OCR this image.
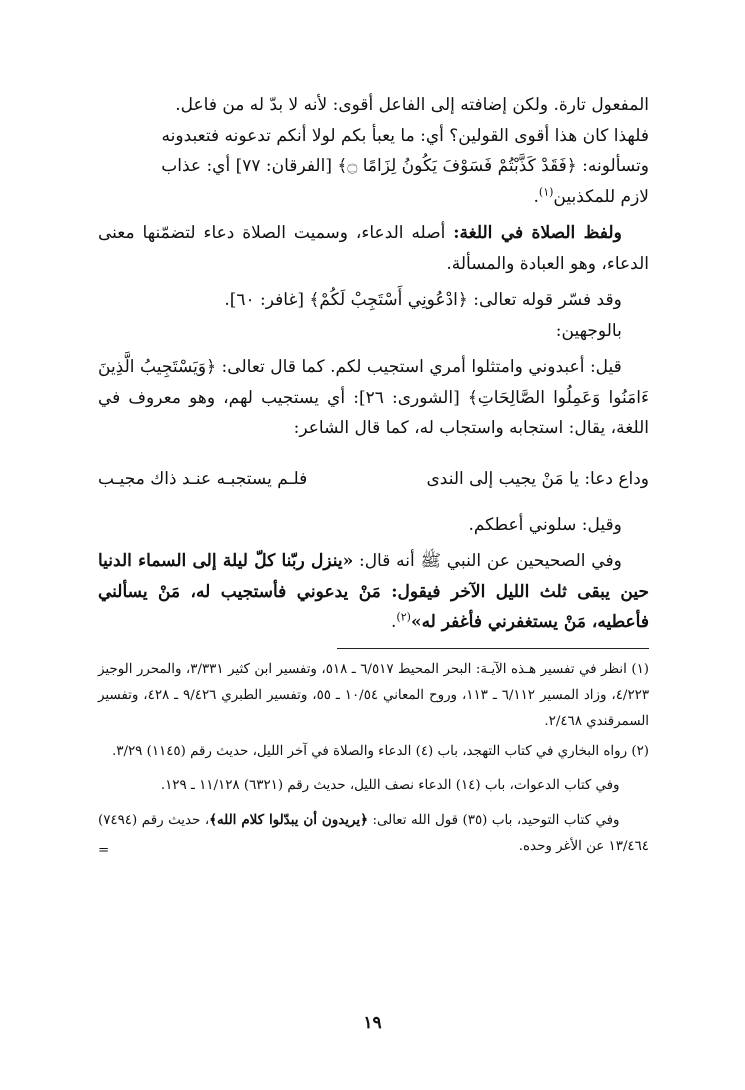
المفعول تارة. ولكن إضافته إلى الفاعل أقوى: لأنه لا بدّ له من فاعل.

فلهذا كان هذا أقوى القولين؟ أي: ما يعبأ بكم لولا أنكم تدعونه فتعبدونه

وتسألونه: ﴿فَقَدْ كَذَّبْتُمْ فَسَوْفَ يَكُونُ لِزَامًا ۝﴾ [الفرقان: ٧٧] أي: عذاب

لازم للمكذبين$^{(١)}$.

ولفظ الصلاة في اللغة: أصله الدعاء، وسميت الصلاة دعاء لتضمّنها معنى الدعاء، وهو العبادة والمسألة.

وقد فسّر قوله تعالى: ﴿ادْعُونِي أَسْتَجِبْ لَكُمْ﴾ [غافر: ٦٠].

بالوجهين:

قيل: أعبدوني وامتثلوا أمري استجيب لكم. كما قال تعالى: ﴿وَيَسْتَجِيبُ الَّذِينَ ءَامَنُوا وَعَمِلُوا الصَّالِحَاتِ﴾ [الشورى: ٢٦]: أي يستجيب لهم، وهو معروف في اللغة، يقال: استجابه واستجاب له، كما قال الشاعر:

وداع دعا: يا مَنْ يجيب إلى الندى
فلـم يستجبـه عنـد ذاك مجيـب

وقيل: سلوني أعطكم.

وفي الصحيحين عن النبي ﷺ أنه قال: «ينزل ربّنا كلّ ليلة إلى السماء الدنيا حين يبقى ثلث الليل الآخر فيقول: مَنْ يدعوني فأستجيب له، مَنْ يسألني فأعطيه، مَنْ يستغفرني فأغفر له»$^{(٢)}$.

(١) انظر في تفسير هـذه الآيـة: البحر المحيط ٦/٥١٧ ـ ٥١٨، وتفسير ابن كثير ٣/٣٣١، والمحرر الوجيز ٤/٢٢٣، وزاد المسير ٦/١١٢ ـ ١١٣، وروح المعاني ١٠/٥٤ ـ ٥٥، وتفسير الطبري ٩/٤٢٦ ـ ٤٢٨، وتفسير السمرقندي ٢/٤٦٨.

(٢) رواه البخاري في كتاب التهجد، باب (٤) الدعاء والصلاة في آخر الليل، حديث رقم (١١٤٥) ٣/٢٩.

وفي كتاب الدعوات، باب (١٤) الدعاء نصف الليل، حديث رقم (٦٣٢١) ١١/١٢٨ ـ ١٢٩.

وفي كتاب التوحيد، باب (٣٥) قول الله تعالى: ﴿يريدون أن يبدّلوا كلام الله﴾، حديث رقم (٧٤٩٤) ١٣/٤٦٤ عن الأغر وحده.

=

١٩
